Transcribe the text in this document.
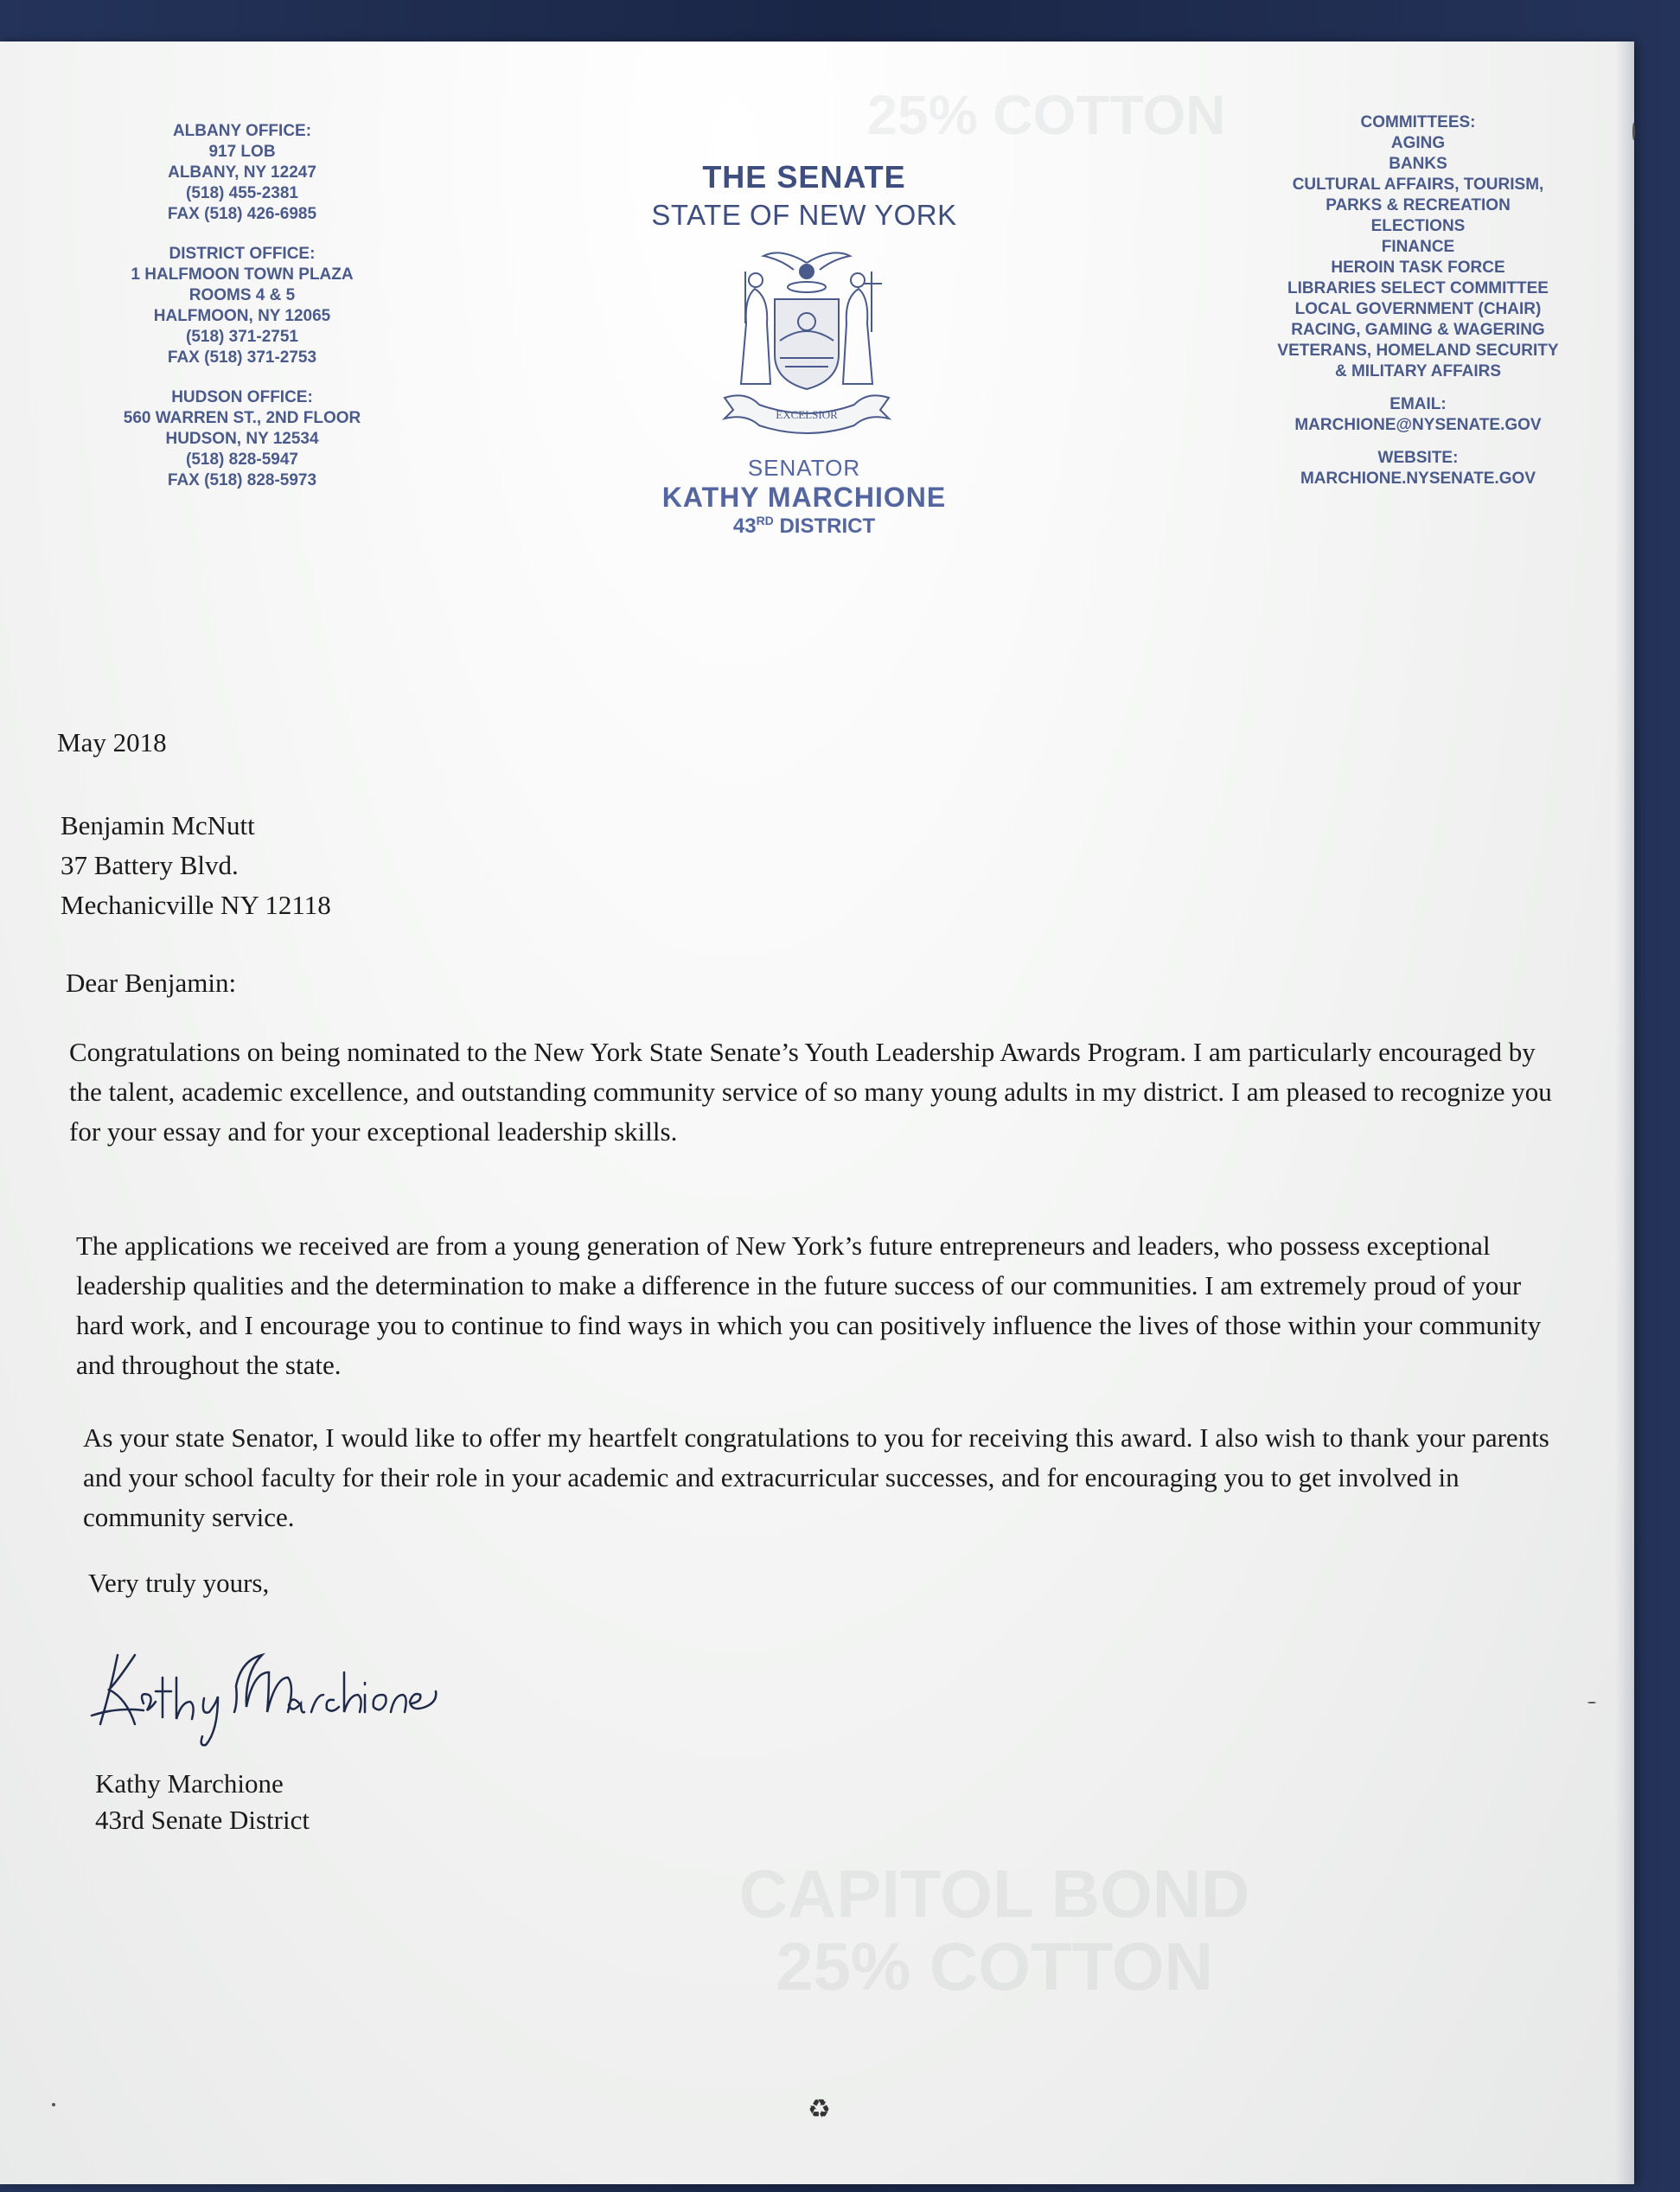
25% COTTON
ALBANY OFFICE:
917 LOB
ALBANY, NY 12247
(518) 455-2381
FAX (518) 426-6985
DISTRICT OFFICE:
1 HALFMOON TOWN PLAZA
ROOMS 4 & 5
HALFMOON, NY 12065
(518) 371-2751
FAX (518) 371-2753
HUDSON OFFICE:
560 WARREN ST., 2ND FLOOR
HUDSON, NY 12534
(518) 828-5947
FAX (518) 828-5973
THE SENATE
STATE OF NEW YORK
EXCELSIOR
SENATOR
KATHY MARCHIONE
43RD DISTRICT
COMMITTEES:
AGING
BANKS
CULTURAL AFFAIRS, TOURISM,
PARKS & RECREATION
ELECTIONS
FINANCE
HEROIN TASK FORCE
LIBRARIES SELECT COMMITTEE
LOCAL GOVERNMENT (CHAIR)
RACING, GAMING & WAGERING
VETERANS, HOMELAND SECURITY
& MILITARY AFFAIRS
EMAIL:
MARCHIONE@NYSENATE.GOV
WEBSITE:
MARCHIONE.NYSENATE.GOV
May 2018
Benjamin McNutt
37 Battery Blvd.
Mechanicville NY 12118
Dear Benjamin:
Congratulations on being nominated to the New York State Senate’s Youth Leadership Awards Program. I am particularly encouraged by the talent, academic excellence, and outstanding community service of so many young adults in my district. I am pleased to recognize you for your essay and for your exceptional leadership skills.
The applications we received are from a young generation of New York’s future entrepreneurs and leaders, who possess exceptional leadership qualities and the determination to make a difference in the future success of our communities. I am extremely proud of your hard work, and I encourage you to continue to find ways in which you can positively influence the lives of those within your community and throughout the state.
As your state Senator, I would like to offer my heartfelt congratulations to you for receiving this award. I also wish to thank your parents and your school faculty for their role in your academic and extracurricular successes, and for encouraging you to get involved in community service.
Very truly yours,
Kathy Marchione
43rd Senate District
CAPITOL BOND
25% COTTON
♻
